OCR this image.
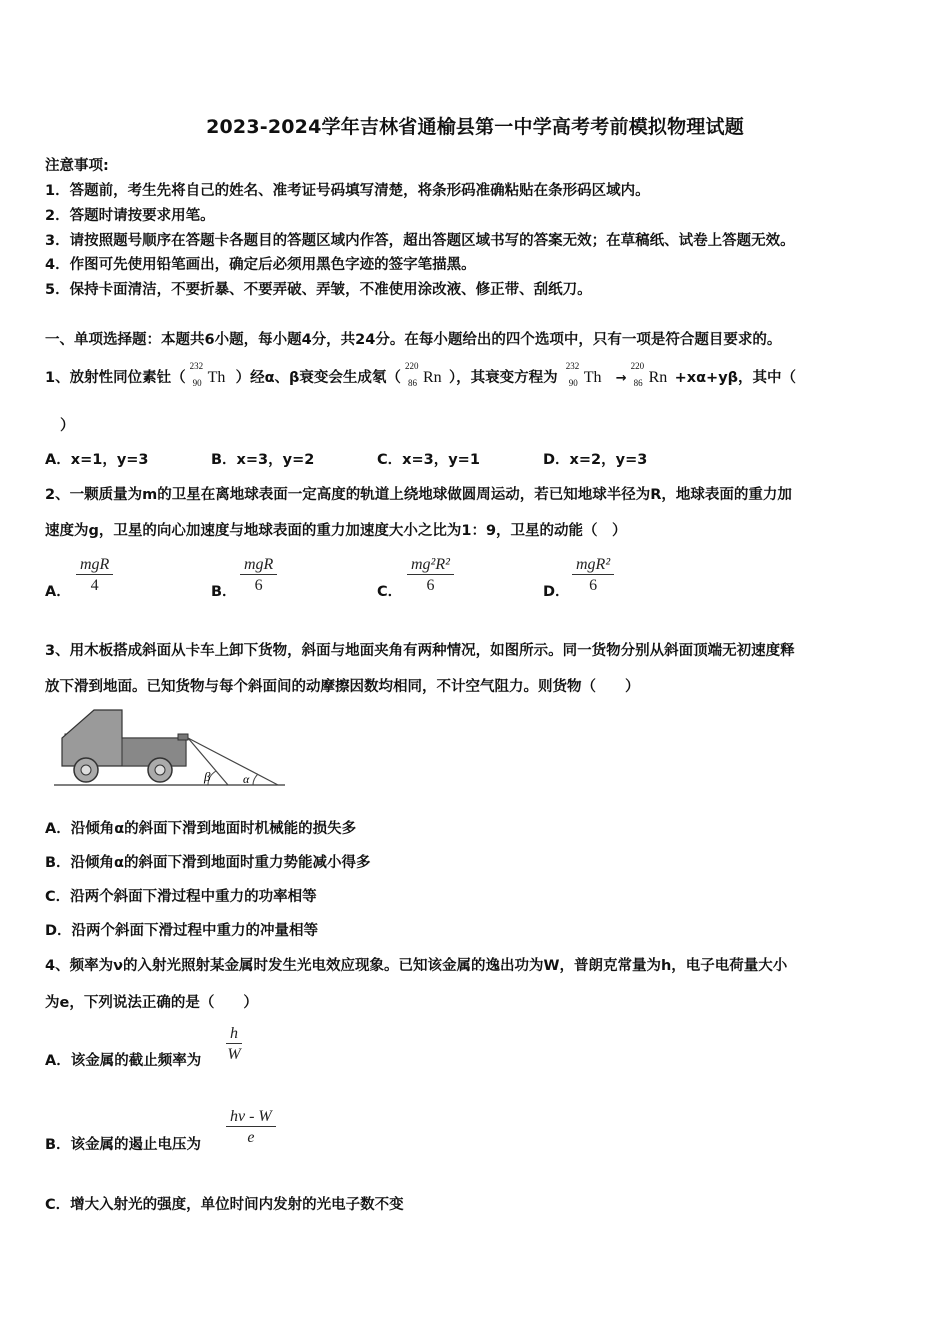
2023-2024学年吉林省通榆县第一中学高考考前模拟物理试题
注意事项:
1．答题前，考生先将自己的姓名、准考证号码填写清楚，将条形码准确粘贴在条形码区域内。
2．答题时请按要求用笔。
3．请按照题号顺序在答题卡各题目的答题区域内作答，超出答题区域书写的答案无效；在草稿纸、试卷上答题无效。
4．作图可先使用铅笔画出，确定后必须用黑色字迹的签字笔描黑。
5．保持卡面清洁，不要折暴、不要弄破、弄皱，不准使用涂改液、修正带、刮纸刀。
一、单项选择题：本题共6小题，每小题4分，共24分。在每小题给出的四个选项中，只有一项是符合题目要求的。
1、放射性同位素钍（
232
90 Th ）经α、β衰变会生成氡（
220
86 Rn ），其衰变方程为
232
90 Th →
220
86 Rn +xα+yβ，其中（
）
A．x=1，y=3	B．x=3，y=2	C．x=3，y=1	D．x=2，y=3
2、一颗质量为m的卫星在离地球表面一定高度的轨道上绕地球做圆周运动，若已知地球半径为R，地球表面的重力加
速度为g，卫星的向心加速度与地球表面的重力加速度大小之比为1：9，卫星的动能（　）
A．
mgR
4	B．
mgR
6	C． $\frac{\text{mg²R²}}{6}$	D．
mgR²
6
3、用木板搭成斜面从卡车上卸下货物，斜面与地面夹角有两种情况，如图所示。同一货物分别从斜面顶端无初速度释
放下滑到地面。已知货物与每个斜面间的动摩擦因数均相同，不计空气阻力。则货物（　　）
β	α
A．沿倾角α的斜面下滑到地面时机械能的损失多
B．沿倾角α的斜面下滑到地面时重力势能减小得多
C．沿两个斜面下滑过程中重力的功率相等
D．沿两个斜面下滑过程中重力的冲量相等
4、频率为ν的入射光照射某金属时发生光电效应现象。已知该金属的逸出功为W，普朗克常量为h，电子电荷量大小
为e，下列说法正确的是（　　）
A．该金属的截止频率为 $\frac{h}{W}$
B．该金属的遏止电压为 $\frac{h\nu - W}{e}$
C．增大入射光的强度，单位时间内发射的光电子数不变
